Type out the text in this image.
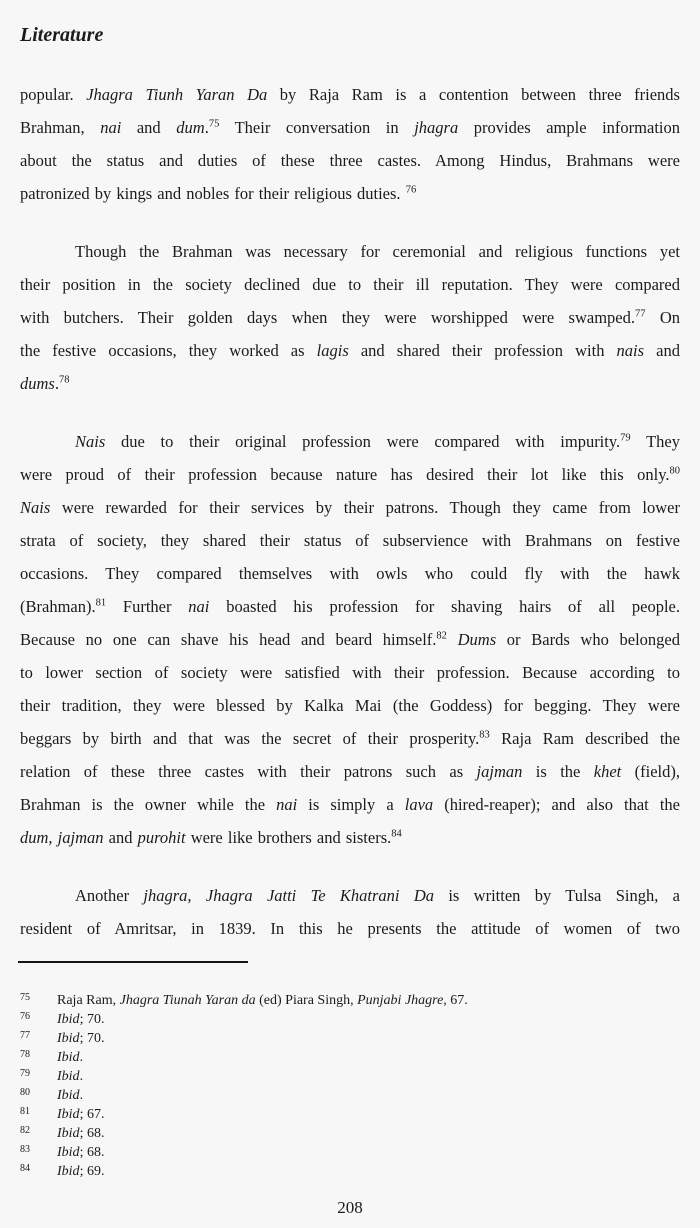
Literature
popular. Jhagra Tiunh Yaran Da by Raja Ram is a contention between three friends
Brahman, nai and dum.$^{75}$ Their conversation in jhagra provides ample information
about the status and duties of these three castes. Among Hindus, Brahmans were
patronized by kings and nobles for their religious duties. $^{76}$
Though the Brahman was necessary for ceremonial and religious functions yet
their position in the society declined due to their ill reputation. They were compared
with butchers. Their golden days when they were worshipped were swamped.$^{77}$ On
the festive occasions, they worked as lagis and shared their profession with nais and
dums.$^{78}$
Nais due to their original profession were compared with impurity.$^{79}$ They
were proud of their profession because nature has desired their lot like this only.$^{80}$
Nais were rewarded for their services by their patrons. Though they came from lower
strata of society, they shared their status of subservience with Brahmans on festive
occasions. They compared themselves with owls who could fly with the hawk
(Brahman).$^{81}$ Further nai boasted his profession for shaving hairs of all people.
Because no one can shave his head and beard himself.$^{82}$ Dums or Bards who belonged
to lower section of society were satisfied with their profession. Because according to
their tradition, they were blessed by Kalka Mai (the Goddess) for begging. They were
beggars by birth and that was the secret of their prosperity.$^{83}$ Raja Ram described the
relation of these three castes with their patrons such as jajman is the khet (field),
Brahman is the owner while the nai is simply a lava (hired-reaper); and also that the
dum, jajman and purohit were like brothers and sisters.$^{84}$
Another jhagra, Jhagra Jatti Te Khatrani Da is written by Tulsa Singh, a
resident of Amritsar, in 1839. In this he presents the attitude of women of two
75	Raja Ram, Jhagra Tiunah Yaran da (ed) Piara Singh, Punjabi Jhagre, 67.
76	Ibid; 70.
77	Ibid; 70.
78	Ibid.
79	Ibid.
80	Ibid.
81	Ibid; 67.
82	Ibid; 68.
83	Ibid; 68.
84	Ibid; 69.
208
